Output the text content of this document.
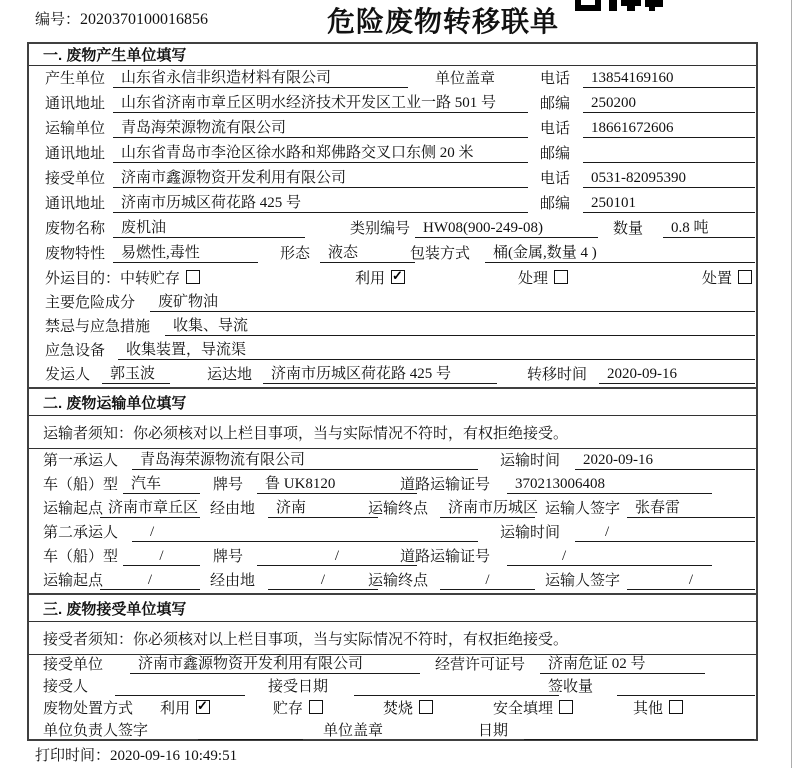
编号：2020370100016856	危险废物转移联单
一. 废物产生单位填写
产生单位	山东省永信非织造材料有限公司	单位盖章	电话	13854169160
通讯地址	山东省济南市章丘区明水经济技术开发区工业一路 501 号	邮编	250200
运输单位	青岛海荣源物流有限公司	电话	18661672606
通讯地址	山东省青岛市李沧区徐水路和郑佛路交叉口东侧 20 米	邮编
接受单位	济南市鑫源物资开发利用有限公司	电话	0531-82095390
通讯地址	济南市历城区荷花路 425 号	邮编	250101
废物名称	废机油	类别编号 HW08(900-249-08)	数量	0.8 吨
废物特性	易燃性,毒性	形态	液态	包装方式	桶(金属,数量 4 )
外运目的： 中转贮存	利用 ✓	处理	处置
主要危险成分	废矿物油
禁忌与应急措施	收集、导流
应急设备	收集装置，导流渠
发运人	郭玉波	运达地	济南市历城区荷花路 425 号	转移时间	2020-09-16
二. 废物运输单位填写
运输者须知：你必须核对以上栏目事项，当与实际情况不符时，有权拒绝接受。
第一承运人	青岛海荣源物流有限公司	运输时间	2020-09-16
车（船）型 汽车	牌号	鲁 UK8120	道路运输证号	370213006408
运输起点 济南市章丘区 经由地	济南	运输终点	济南市历城区 运输人签字 张春雷
第二承运人	/	运输时间	/
车（船）型	/	牌号	/	道路运输证号	/
运输起点	/	经由地	/	运输终点	/	运输人签字	/
三. 废物接受单位填写
接受者须知：你必须核对以上栏目事项，当与实际情况不符时，有权拒绝接受。
接受单位	济南市鑫源物资开发利用有限公司	经营许可证号	济南危证 02 号
接受人	接受日期	签收量
废物处置方式 利用 ✓	贮存	焚烧	安全填埋	其他
单位负责人签字	单位盖章	日期
打印时间：2020-09-16 10:49:51
